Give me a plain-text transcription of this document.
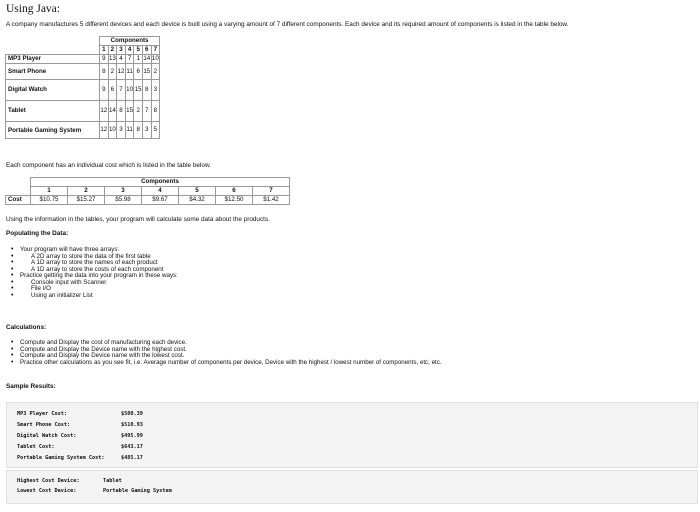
Using Java:
A company manufactures 5 different devices and each device is built using a varying amount of 7 different components. Each device and its required amount of components is listed in the table below.
	Components						
	1	2	3	4	5	6	7
MP3 Player	9	13	4	7	1	14	10
Smart Phone	8	2	12	11	6	15	2
Digital Watch	9	6	7	10	15	8	3
Tablet	12	14	8	15	2	7	8
Portable Gaming System	12	10	3	11	8	3	5
Each component has an individual cost which is listed in the table below.
	Components						
	1	2	3	4	5	6	7
Cost	$10.75	$15.27	$5.98	$9.67	$4.32	$12.50	$1.42
Using the information in the tables, your program will calculate some data about the products.
Populating the Data:
• Your program will have three arrays:
• A 2D array to store the data of the first table
• A 1D array to store the names of each product
• A 1D array to store the costs of each component
• Practice getting the data into your program in these ways:
• Console input with Scanner
• File I/O
• Using an initializer List
Calculations:
• Compute and Display the cost of manufacturing each device.
• Compute and Display the Device name with the highest cost.
• Compute and Display the Device name with the lowest cost.
• Practice other calculations as you see fit, i.e. Average number of components per device, Device with the highest / lowest number of components, etc, etc.
Sample Results:
MP3 Player Cost:	$500.39
Smart Phone Cost:	$510.93
Digital Watch Cost:	$495.99
Tablet Cost:	$643.17
Portable Gaming System Cost:	$485.17
Highest Cost Device:	Tablet
Lowest Cost Device:	Portable Gaming System
